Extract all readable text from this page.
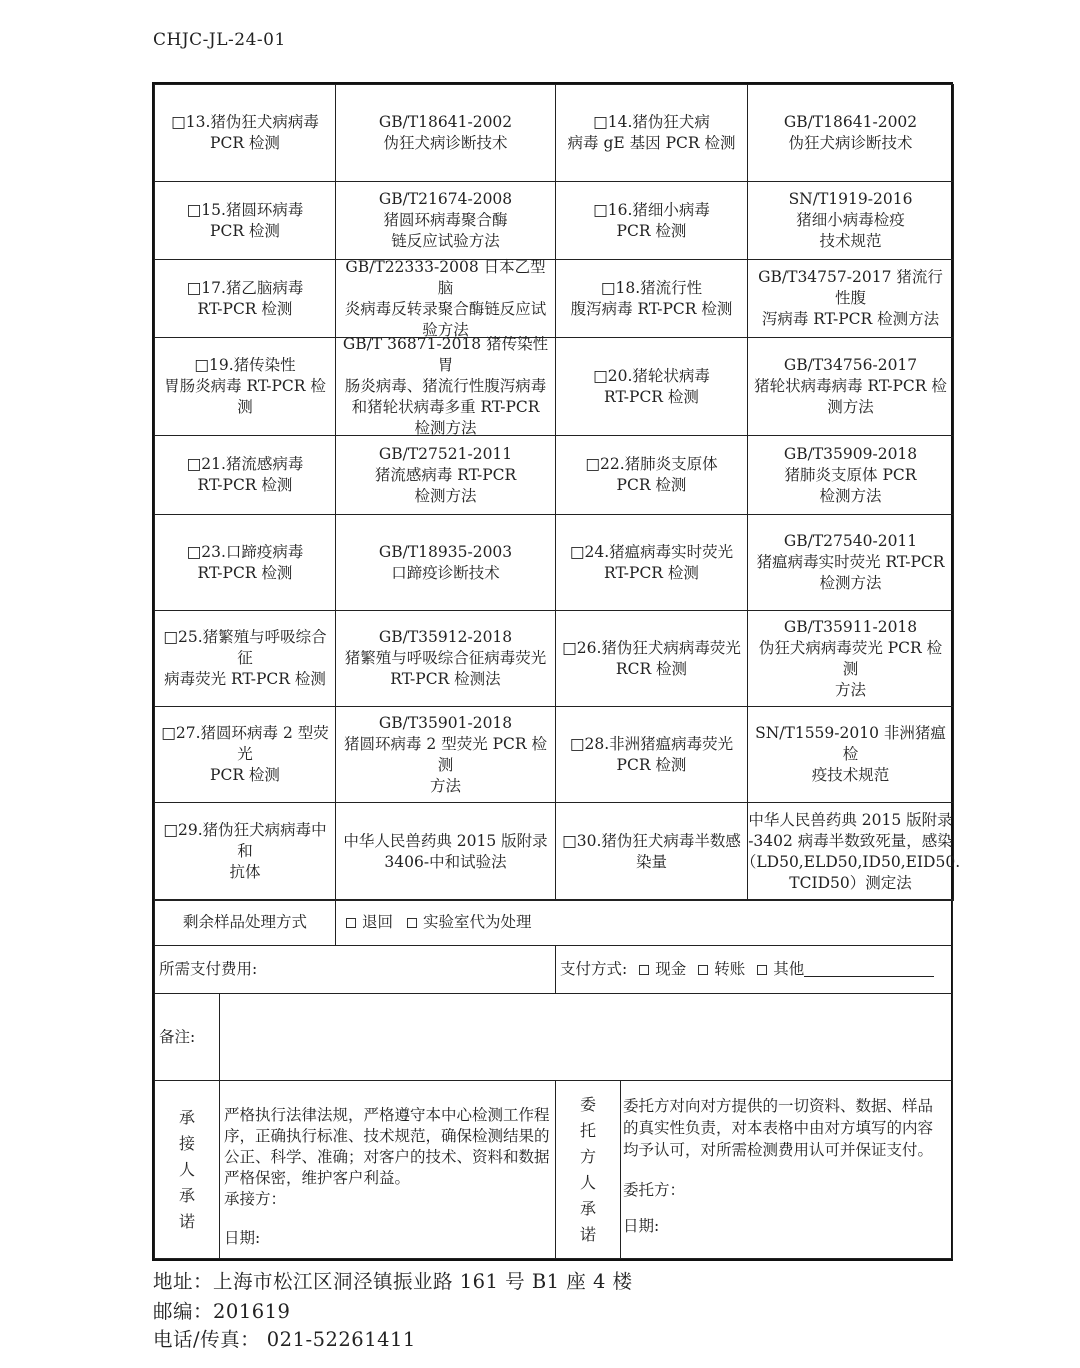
CHJC-JL-24-01
剩余样品处理方式	退回 实验室代为处理
所需支付费用:	支付方式: 现金 转账 其他
备注:
承
接
人
承
诺
严格执行法律法规，严格遵守本中心检测工作程序，正确执行标准、技术规范，确保检测结果的公正、科学、准确；对客户的技术、资料和数据严格保密，维护客户利益。
承接方：
日期:
委
托
方
人
承
诺
委托方对向对方提供的一切资料、数据、样品的真实性负责，对本表格中由对方填写的内容均予认可，对所需检测费用认可并保证支付。
委托方：
日期:
□13.猪伪狂犬病病毒
PCR 检测
GB/T18641-2002
伪狂犬病诊断技术
□14.猪伪狂犬病
病毒 gE 基因 PCR 检测
GB/T18641-2002
伪狂犬病诊断技术
□15.猪圆环病毒
PCR 检测
GB/T21674-2008
猪圆环病毒聚合酶
链反应试验方法
□16.猪细小病毒
PCR 检测
SN/T1919-2016
猪细小病毒检疫
技术规范
□17.猪乙脑病毒
RT-PCR 检测
GB/T22333-2008 日本乙型脑
炎病毒反转录聚合酶链反应试
验方法
□18.猪流行性
腹泻病毒 RT-PCR 检测
GB/T34757-2017 猪流行性腹
泻病毒 RT-PCR 检测方法
□19.猪传染性
胃肠炎病毒 RT-PCR 检测
GB/T 36871-2018 猪传染性胃
肠炎病毒、猪流行性腹泻病毒
和猪轮状病毒多重 RT-PCR
检测方法
□20.猪轮状病毒
RT-PCR 检测
GB/T34756-2017
猪轮状病毒病毒 RT-PCR 检
测方法
□21.猪流感病毒
RT-PCR 检测
GB/T27521-2011
猪流感病毒 RT-PCR
检测方法
□22.猪肺炎支原体
PCR 检测
GB/T35909-2018
猪肺炎支原体 PCR
检测方法
□23.口蹄疫病毒
RT-PCR 检测
GB/T18935-2003
口蹄疫诊断技术
□24.猪瘟病毒实时荧光
RT-PCR 检测
GB/T27540-2011
猪瘟病毒实时荧光 RT-PCR
检测方法
□25.猪繁殖与呼吸综合征
病毒荧光 RT-PCR 检测
GB/T35912-2018
猪繁殖与呼吸综合征病毒荧光
RT-PCR 检测法
□26.猪伪狂犬病病毒荧光
RCR 检测
GB/T35911-2018
伪狂犬病病毒荧光 PCR 检测
方法
□27.猪圆环病毒 2 型荧光
PCR 检测
GB/T35901-2018
猪圆环病毒 2 型荧光 PCR 检测
方法
□28.非洲猪瘟病毒荧光
PCR 检测
SN/T1559-2010 非洲猪瘟检
疫技术规范
□29.猪伪狂犬病病毒中和
抗体
中华人民兽药典 2015 版附录
3406-中和试验法
□30.猪伪狂犬病毒半数感
染量
中华人民兽药典 2015 版附录
-3402 病毒半数致死量，感染
（LD50,ELD50,ID50,EID50.
TCID50）测定法
地址：上海市松江区洞泾镇振业路 161 号 B1 座 4 楼
邮编：201619
电话/传真： 021-52261411
